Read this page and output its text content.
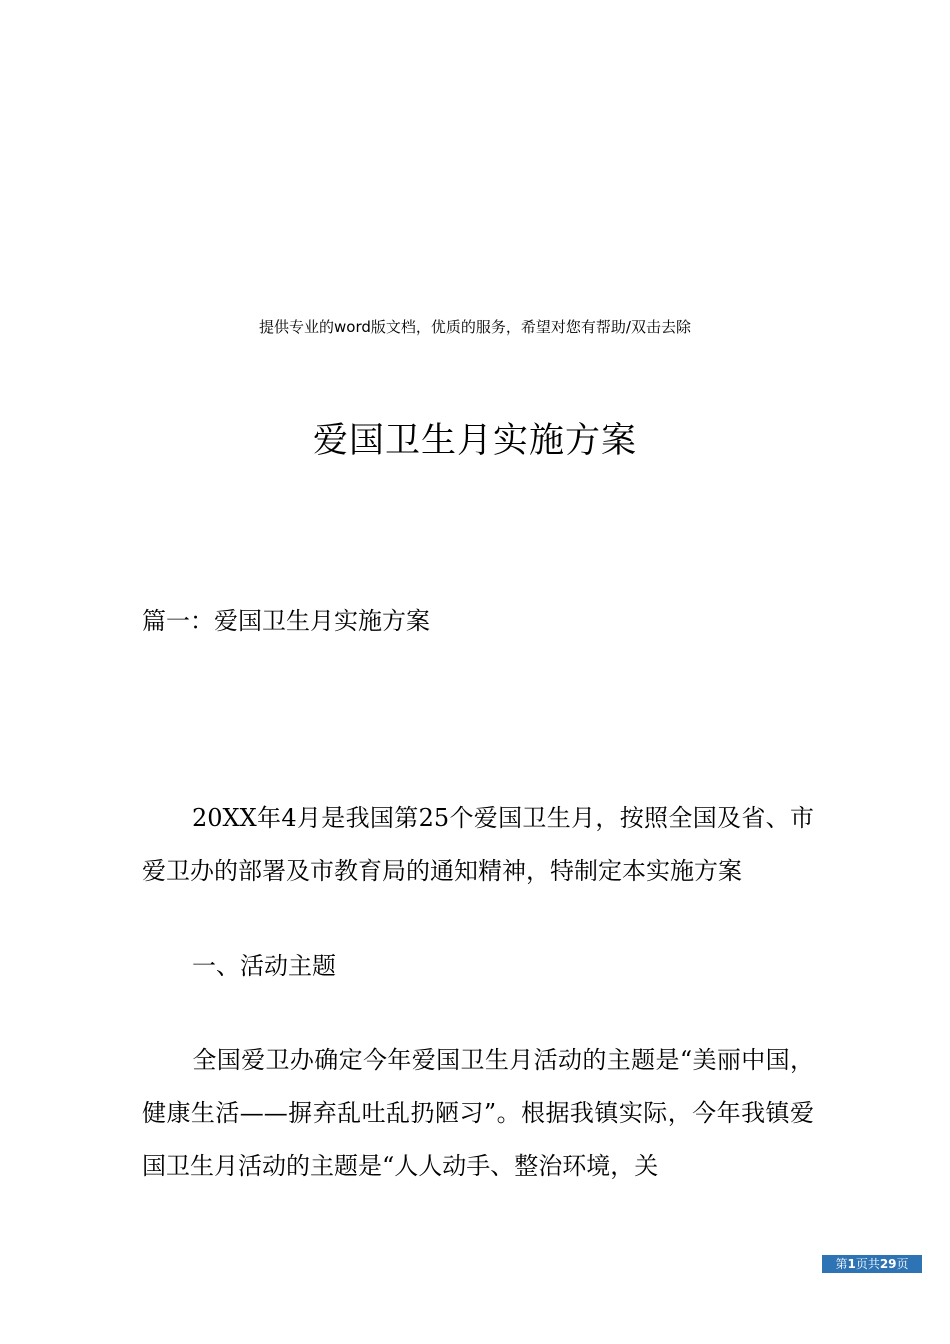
提供专业的word版文档，优质的服务，希望对您有帮助/双击去除
爱国卫生月实施方案
篇一：爱国卫生月实施方案
20XX年4月是我国第25个爱国卫生月，按照全国及省、市爱卫办的部署及市教育局的通知精神，特制定本实施方案
一、活动主题
全国爱卫办确定今年爱国卫生月活动的主题是“美丽中国，健康生活——摒弃乱吐乱扔陋习”。根据我镇实际，今年我镇爱国卫生月活动的主题是“人人动手、整治环境，关
第1页共29页
